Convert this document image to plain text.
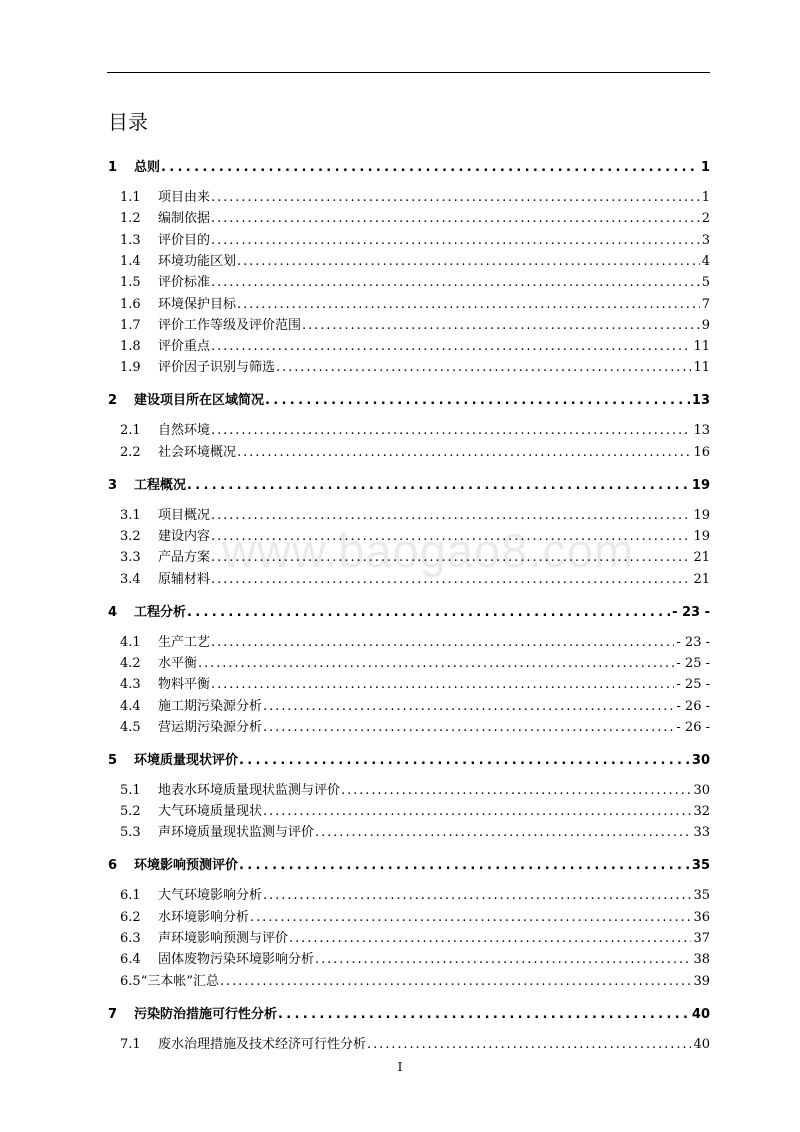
目录
www.baogao8.com
1	总则 . . .	1
1.1	项目由来 . . .	1
1.2	编制依据 . . .	2
1.3	评价目的 . . .	3
1.4	环境功能区划 . . .	4
1.5	评价标准 . . .	5
1.6	环境保护目标 . . .	7
1.7	评价工作等级及评价范围 . . .	9
1.8	评价重点 . . .	11
1.9	评价因子识别与筛选 . . .	11
2	建设项目所在区域简况 . . .	13
2.1	自然环境 . . .	13
2.2	社会环境概况 . . .	16
3	工程概况 . . .	19
3.1	项目概况 . . .	19
3.2	建设内容 . . .	19
3.3	产品方案 . . .	21
3.4	原辅材料 . . .	21
4	工程分析 . . .	- 23 -
4.1	生产工艺 . . .	- 23 -
4.2	水平衡 . . .	- 25 -
4.3	物料平衡 . . .	- 25 -
4.4	施工期污染源分析 . . .	- 26 -
4.5	营运期污染源分析 . . .	- 26 -
5	环境质量现状评价 . . .	30
5.1	地表水环境质量现状监测与评价 . . .	30
5.2	大气环境质量现状 . . .	32
5.3	声环境质量现状监测与评价 . . .	33
6	环境影响预测评价 . . .	35
6.1	大气环境影响分析 . . .	35
6.2	水环境影响分析 . . .	36
6.3	声环境影响预测与评价 . . .	37
6.4	固体废物污染环境影响分析 . . .	38
6.5 “三本帐”汇总 . . .	39
7	污染防治措施可行性分析 . . .	40
7.1	废水治理措施及技术经济可行性分析 . . .	40
I
